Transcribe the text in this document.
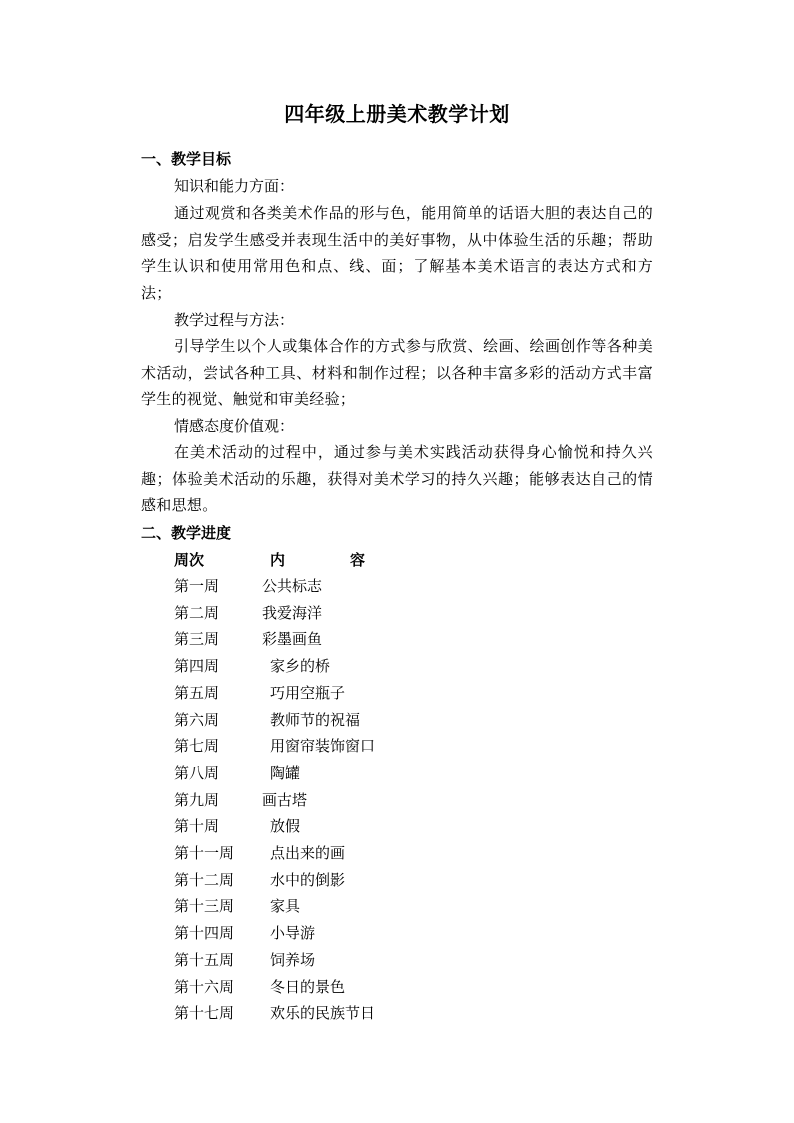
四年级上册美术教学计划
一、教学目标
知识和能力方面：
通过观赏和各类美术作品的形与色，能用简单的话语大胆的表达自己的感受；启发学生感受并表现生活中的美好事物，从中体验生活的乐趣；帮助学生认识和使用常用色和点、线、面；了解基本美术语言的表达方式和方法；
教学过程与方法：
引导学生以个人或集体合作的方式参与欣赏、绘画、绘画创作等各种美术活动，尝试各种工具、材料和制作过程；以各种丰富多彩的活动方式丰富学生的视觉、触觉和审美经验；
情感态度价值观：
在美术活动的过程中，通过参与美术实践活动获得身心愉悦和持久兴趣；体验美术活动的乐趣，获得对美术学习的持久兴趣；能够表达自己的情感和思想。
二、教学进度
周次	内	容
第一周	公共标志
第二周	我爱海洋
第三周	彩墨画鱼
第四周	家乡的桥
第五周	巧用空瓶子
第六周	教师节的祝福
第七周	用窗帘装饰窗口
第八周	陶罐
第九周	画古塔
第十周	放假
第十一周 点出来的画
第十二周 水中的倒影
第十三周 家具
第十四周 小导游
第十五周 饲养场
第十六周 冬日的景色
第十七周 欢乐的民族节日
